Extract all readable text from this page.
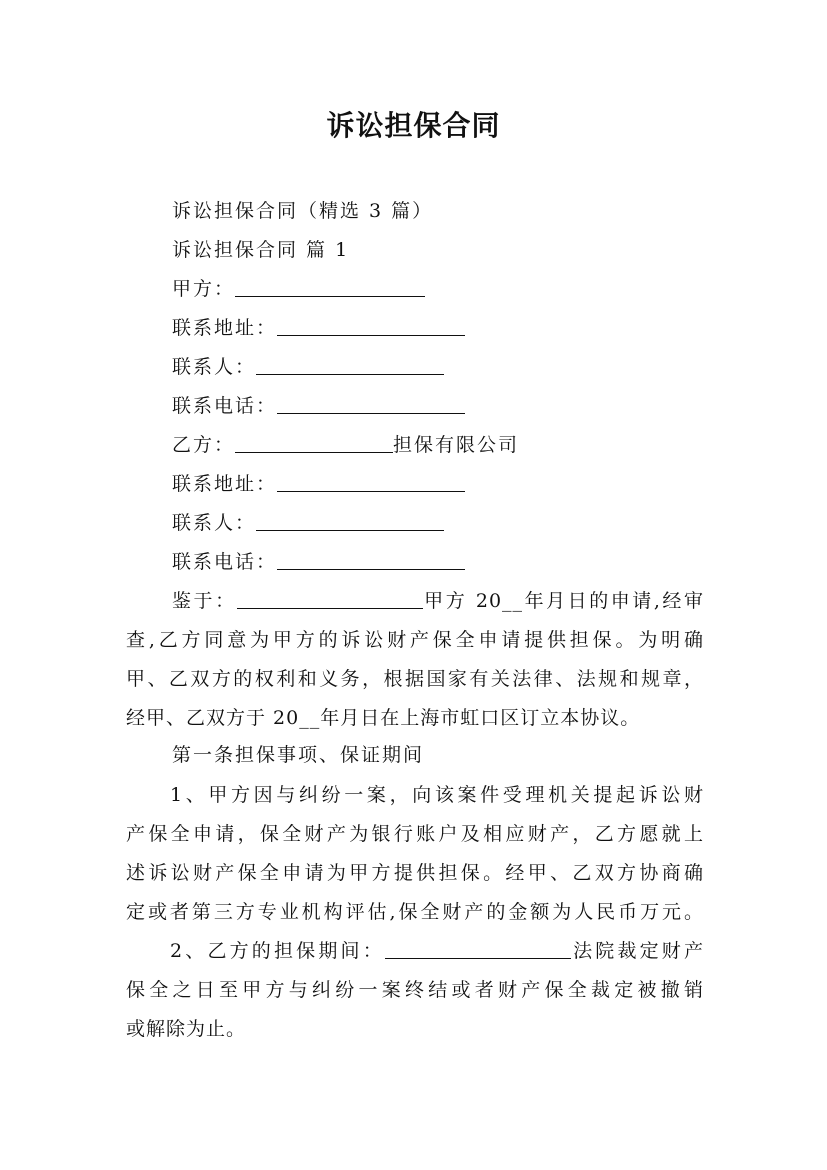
诉讼担保合同
诉讼担保合同（精选 3 篇）
诉讼担保合同 篇 1
甲方：
联系地址：
联系人：
联系电话：
乙方：	担保有限公司
联系地址：
联系人：
联系电话：
鉴于：	甲方 20__年月日的申请,经审
查,乙方同意为甲方的诉讼财产保全申请提供担保。为明确
甲、乙双方的权利和义务，根据国家有关法律、法规和规章，
经甲、乙双方于 20__年月日在上海市虹口区订立本协议。
第一条担保事项、保证期间
1、甲方因与纠纷一案，向该案件受理机关提起诉讼财
产保全申请，保全财产为银行账户及相应财产，乙方愿就上
述诉讼财产保全申请为甲方提供担保。经甲、乙双方协商确
定或者第三方专业机构评估,保全财产的金额为人民币万元。
2、乙方的担保期间：	法院裁定财产
保全之日至甲方与纠纷一案终结或者财产保全裁定被撤销
或解除为止。
